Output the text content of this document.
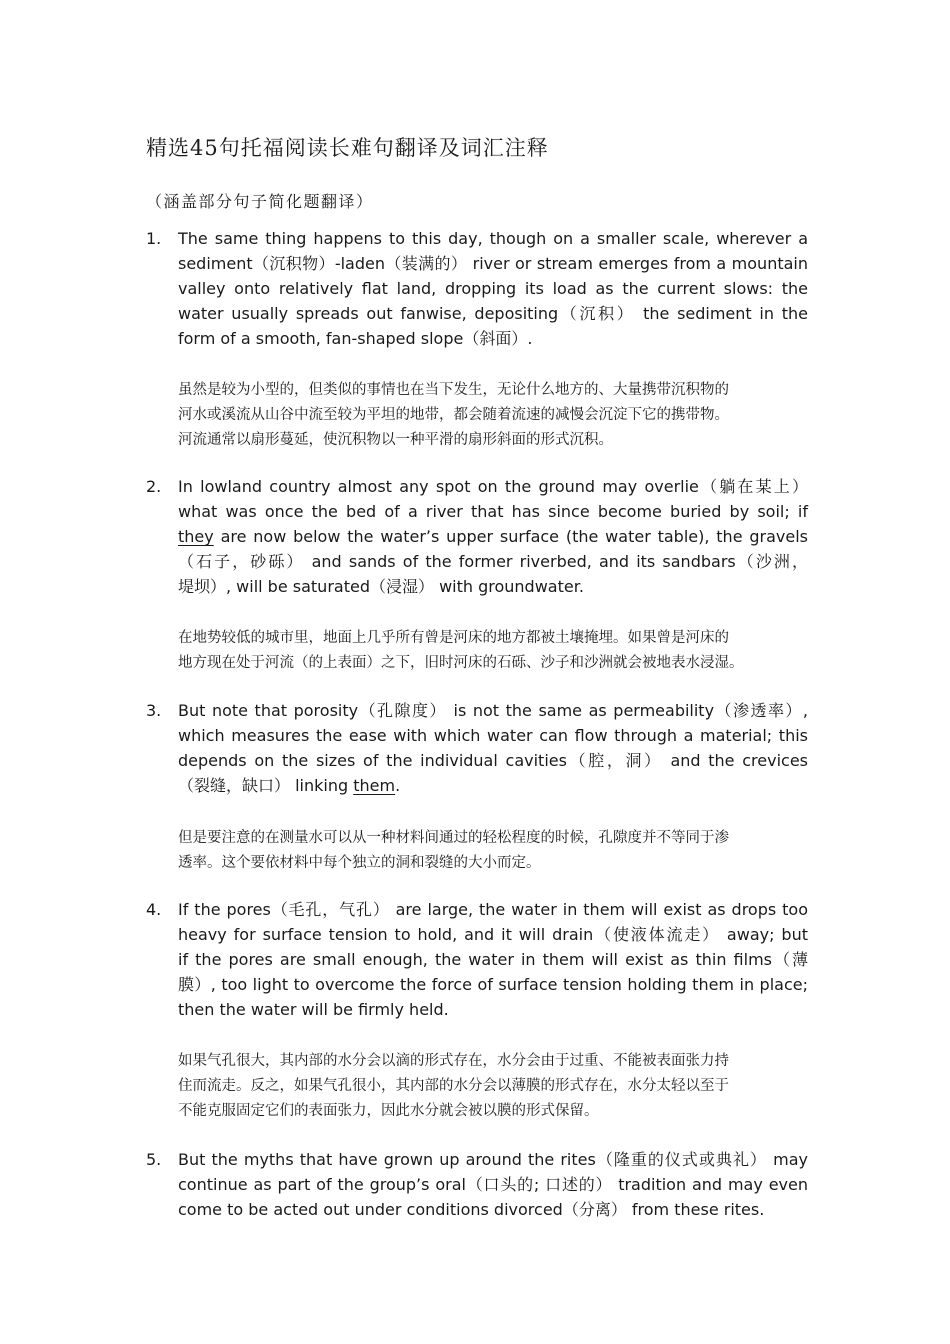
精选45句托福阅读长难句翻译及词汇注释
（涵盖部分句子简化题翻译）
1. The same thing happens to this day, though on a smaller scale, wherever a
sediment（沉积物）-laden（装满的） river or stream emerges from a mountain
valley onto relatively flat land, dropping its load as the current slows: the
water usually spreads out fanwise, depositing（沉积） the sediment in the
form of a smooth, fan-shaped slope（斜面）.
虽然是较为小型的，但类似的事情也在当下发生，无论什么地方的、大量携带沉积物的
河水或溪流从山谷中流至较为平坦的地带，都会随着流速的减慢会沉淀下它的携带物。
河流通常以扇形蔓延，使沉积物以一种平滑的扇形斜面的形式沉积。
2. In lowland country almost any spot on the ground may overlie（躺在某上）
what was once the bed of a river that has since become buried by soil; if
they are now below the water’s upper surface (the water table), the gravels
（石子，砂砾） and sands of the former riverbed, and its sandbars（沙洲，
堤坝）, will be saturated（浸湿） with groundwater.
在地势较低的城市里，地面上几乎所有曾是河床的地方都被土壤掩埋。如果曾是河床的
地方现在处于河流（的上表面）之下，旧时河床的石砾、沙子和沙洲就会被地表水浸湿。
3. But note that porosity（孔隙度） is not the same as permeability（渗透率）,
which measures the ease with which water can flow through a material; this
depends on the sizes of the individual cavities（腔，洞） and the crevices
（裂缝，缺口） linking them.
但是要注意的在测量水可以从一种材料间通过的轻松程度的时候，孔隙度并不等同于渗
透率。这个要依材料中每个独立的洞和裂缝的大小而定。
4. If the pores（毛孔，气孔） are large, the water in them will exist as drops too
heavy for surface tension to hold, and it will drain（使液体流走） away; but
if the pores are small enough, the water in them will exist as thin films（薄
膜）, too light to overcome the force of surface tension holding them in place;
then the water will be firmly held.
如果气孔很大，其内部的水分会以滴的形式存在，水分会由于过重、不能被表面张力持
住而流走。反之，如果气孔很小，其内部的水分会以薄膜的形式存在，水分太轻以至于
不能克服固定它们的表面张力，因此水分就会被以膜的形式保留。
5. But the myths that have grown up around the rites（隆重的仪式或典礼） may
continue as part of the group’s oral（口头的; 口述的） tradition and may even
come to be acted out under conditions divorced（分离） from these rites.
